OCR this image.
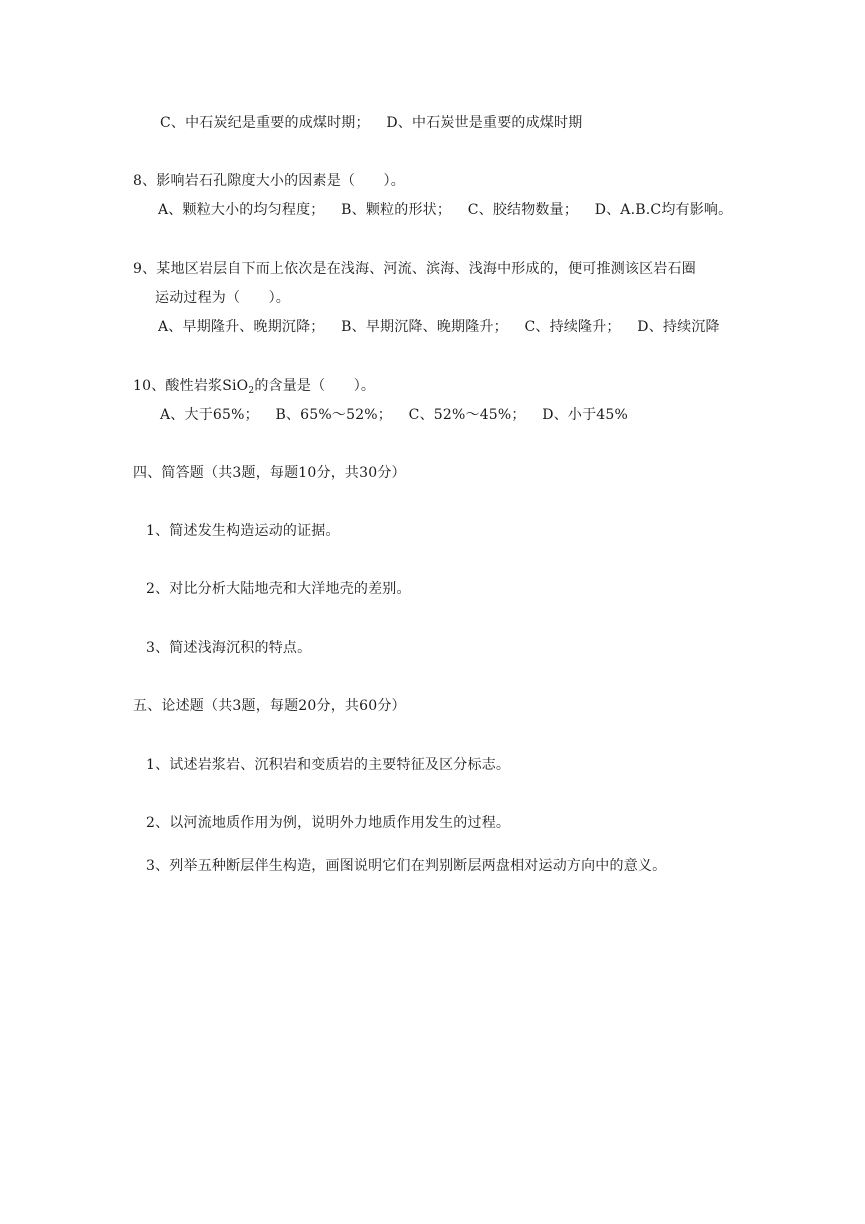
C、中石炭纪是重要的成煤时期； D、中石炭世是重要的成煤时期
8、影响岩石孔隙度大小的因素是（　　）。
A、颗粒大小的均匀程度； B、颗粒的形状； C、胶结物数量； D、A.B.C均有影响。
9、某地区岩层自下而上依次是在浅海、河流、滨海、浅海中形成的，便可推测该区岩石圈
运动过程为（　　）。
A、早期隆升、晚期沉降； B、早期沉降、晚期隆升； C、持续隆升； D、持续沉降
10、酸性岩浆SiO$_2$的含量是（　　）。
A、大于65%； B、65%～52%； C、52%～45%； D、小于45%
四、简答题（共3题，每题10分，共30分）
1、简述发生构造运动的证据。
2、对比分析大陆地壳和大洋地壳的差别。
3、简述浅海沉积的特点。
五、论述题（共3题，每题20分，共60分）
1、试述岩浆岩、沉积岩和变质岩的主要特征及区分标志。
2、以河流地质作用为例，说明外力地质作用发生的过程。
3、列举五种断层伴生构造，画图说明它们在判别断层两盘相对运动方向中的意义。
